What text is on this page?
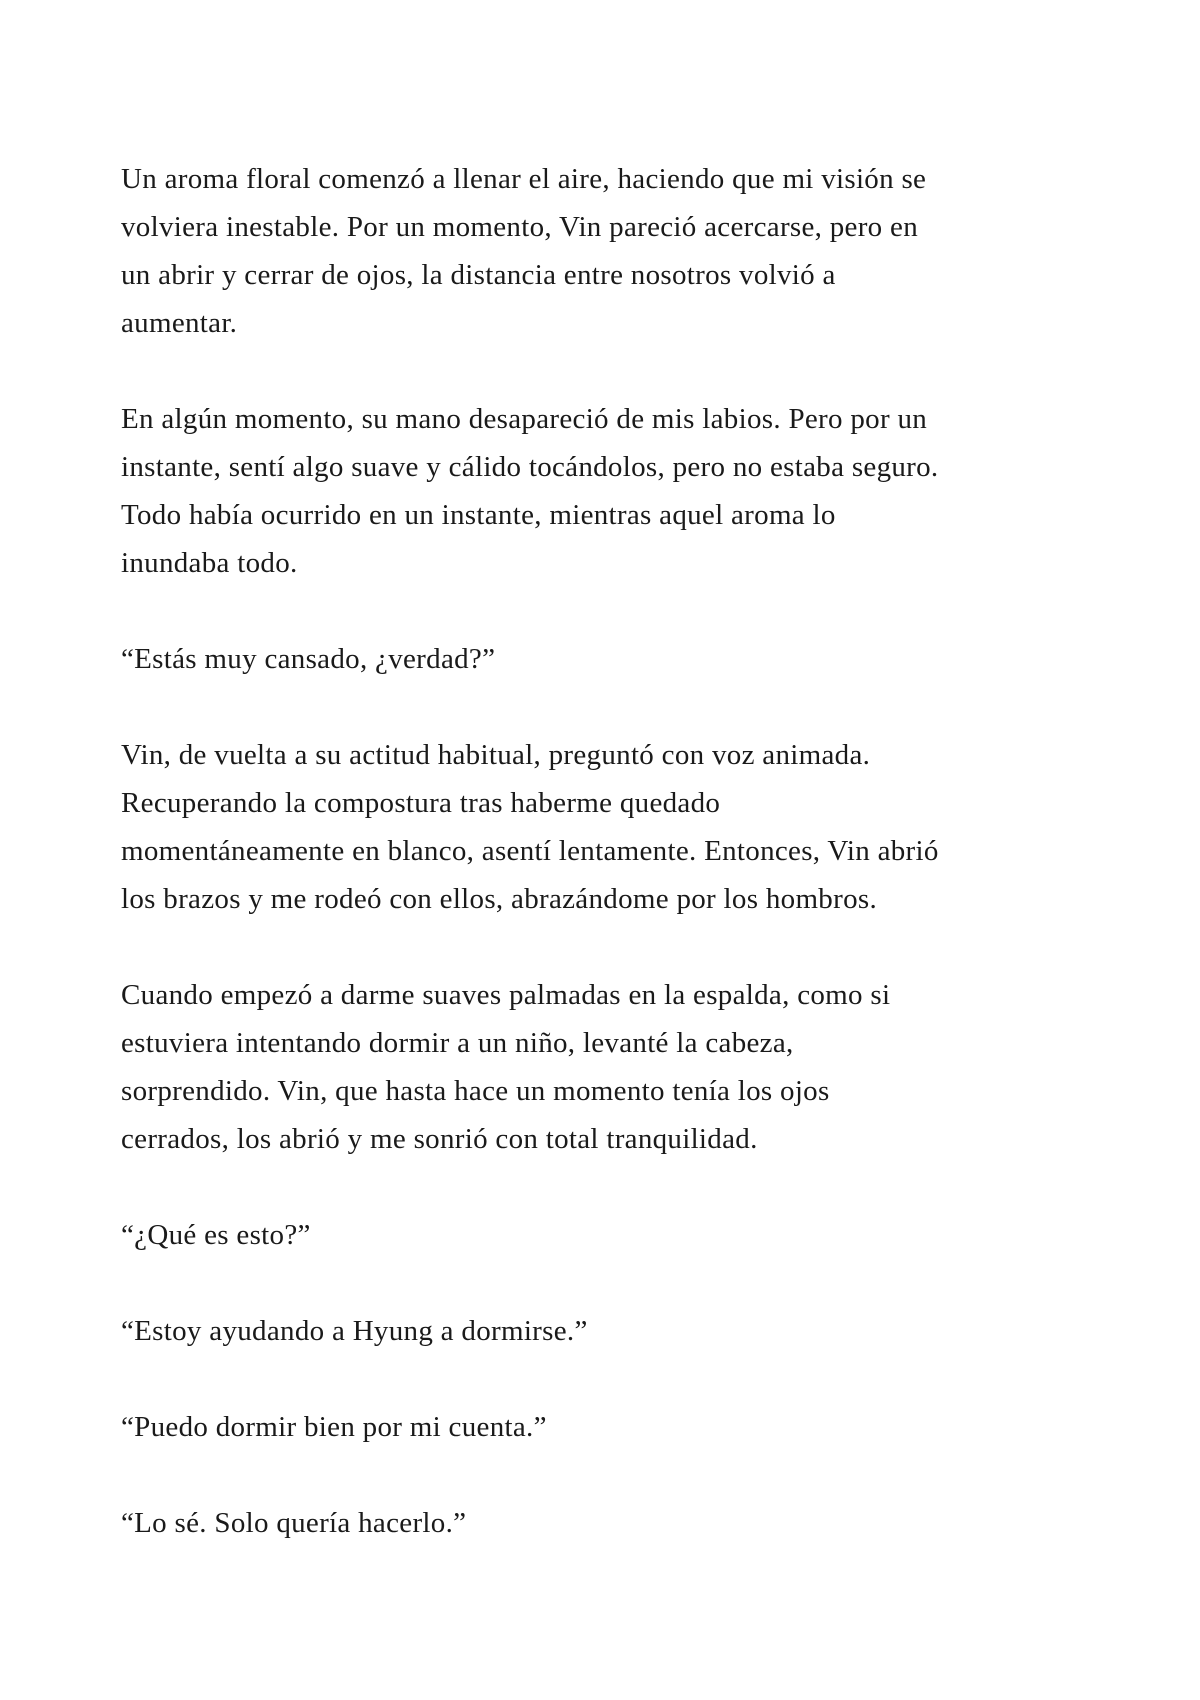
Un aroma floral comenzó a llenar el aire, haciendo que mi visión se
volviera inestable. Por un momento, Vin pareció acercarse, pero en
un abrir y cerrar de ojos, la distancia entre nosotros volvió a
aumentar.

En algún momento, su mano desapareció de mis labios. Pero por un
instante, sentí algo suave y cálido tocándolos, pero no estaba seguro.
Todo había ocurrido en un instante, mientras aquel aroma lo
inundaba todo.

“Estás muy cansado, ¿verdad?”

Vin, de vuelta a su actitud habitual, preguntó con voz animada.
Recuperando la compostura tras haberme quedado
momentáneamente en blanco, asentí lentamente. Entonces, Vin abrió
los brazos y me rodeó con ellos, abrazándome por los hombros.

Cuando empezó a darme suaves palmadas en la espalda, como si
estuviera intentando dormir a un niño, levanté la cabeza,
sorprendido. Vin, que hasta hace un momento tenía los ojos
cerrados, los abrió y me sonrió con total tranquilidad.

“¿Qué es esto?”

“Estoy ayudando a Hyung a dormirse.”

“Puedo dormir bien por mi cuenta.”

“Lo sé. Solo quería hacerlo.”
